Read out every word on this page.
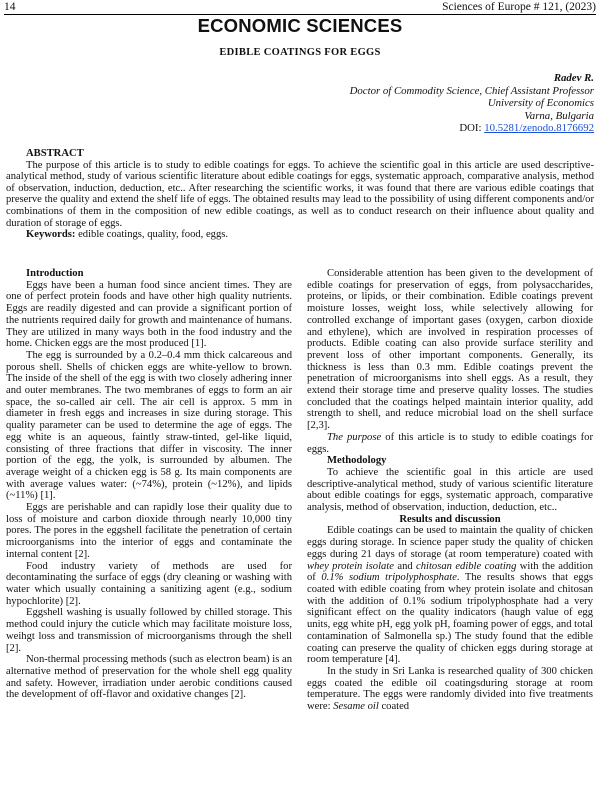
14	Sciences of Europe # 121, (2023)
ECONOMIC SCIENCES
EDIBLE COATINGS FOR EGGS
Radev R.
Doctor of Commodity Science, Chief Assistant Professor
University of Economics
Varna, Bulgaria
DOI: 10.5281/zenodo.8176692
ABSTRACT

The purpose of this article is to study to edible coatings for eggs. To achieve the scientific goal in this article are used descriptive-analytical method, study of various scientific literature about edible coatings for eggs, systematic approach, comparative analysis, method of observation, induction, deduction, etc.. After researching the scientific works, it was found that there are various edible coatings that preserve the quality and extend the shelf life of eggs. The obtained results may lead to the possibility of using different components and/or combinations of them in the composition of new edible coatings, as well as to conduct research on their influence about quality and duration of storage of eggs.

Keywords: edible coatings, quality, food, eggs.

Introduction

Eggs have been a human food since ancient times. They are one of perfect protein foods and have other high quality nutrients. Eggs are readily digested and can provide a significant portion of the nutrients required daily for growth and maintenance of humans. They are utilized in many ways both in the food industry and the home. Chicken eggs are the most produced [1].

The egg is surrounded by a 0.2–0.4 mm thick calcareous and porous shell. Shells of chicken eggs are white-yellow to brown. The inside of the shell of the egg is with two closely adhering inner and outer membranes. The two membranes of eggs to form an air space, the so-called air cell. The air cell is approx. 5 mm in diameter in fresh eggs and increases in size during storage. This quality parameter can be used to determine the age of eggs. The egg white is an aqueous, faintly straw-tinted, gel-like liquid, consisting of three fractions that differ in viscosity. The inner portion of the egg, the yolk, is surrounded by albumen. The average weight of a chicken egg is 58 g. Its main components are with average values water: (~74%), protein (~12%), and lipids (~11%) [1].

Eggs are perishable and can rapidly lose their quality due to loss of moisture and carbon dioxide through nearly 10,000 tiny pores. The pores in the eggshell facilitate the penetration of certain microorganisms into the interior of eggs and contaminate the internal content [2].

Food industry variety of methods are used for decontaminating the surface of eggs (dry cleaning or washing with water which usually containing a sanitizing agent (e.g., sodium hypochlorite) [2].

Eggshell washing is usually followed by chilled storage. This method could injury the cuticle which may facilitate moisture loss, weihgt loss and transmission of microorganisms through the shell [2].

Non-thermal processing methods (such as electron beam) is an alternative method of preservation for the whole shell egg quality and safety. However, irradiation under aerobic conditions caused the development of off-flavor and oxidative changes [2].

Considerable attention has been given to the development of edible coatings for preservation of eggs, from polysaccharides, proteins, or lipids, or their combination. Edible coatings prevent moisture losses, weight loss, while selectively allowing for controlled exchange of important gases (oxygen, carbon dioxide and ethylene), which are involved in respiration processes of products. Edible coating can also provide surface sterility and prevent loss of other important components. Generally, its thickness is less than 0.3 mm. Edible coatings prevent the penetration of microorganisms into shell eggs. As a result, they extend their storage time and preserve quality losses. The studies concluded that the coatings helped maintain interior quality, add strength to shell, and reduce microbial load on the shell surface [2,3].

The purpose of this article is to study to edible coatings for eggs.

Methodology

To achieve the scientific goal in this article are used descriptive-analytical method, study of various scientific literature about edible coatings for eggs, systematic approach, comparative analysis, method of observation, induction, deduction, etc..

Results and discussion

Edible coatings can be used to maintain the quality of chicken eggs during storage. In science paper study the quality of chicken eggs during 21 days of storage (at room temperature) coated with whey protein isolate and chitosan edible coating with the addition of 0.1% sodium tripolyphosphate. The results shows that eggs coated with edible coating from whey protein isolate and chitosan with the addition of 0.1% sodium tripolyphosphate had a very significant effect on the quality indicators (haugh value of egg units, egg white pH, egg yolk pH, foaming power of eggs, and total contamination of Salmonella sp.) The study found that the edible coating can preserve the quality of chicken eggs during storage at room temperature [4].

In the study in Sri Lanka is researched quality of 300 chicken eggs coated the edible oil coatingsduring storage at room temperature. The eggs were randomly divided into five treatments were: Sesame oil coated
